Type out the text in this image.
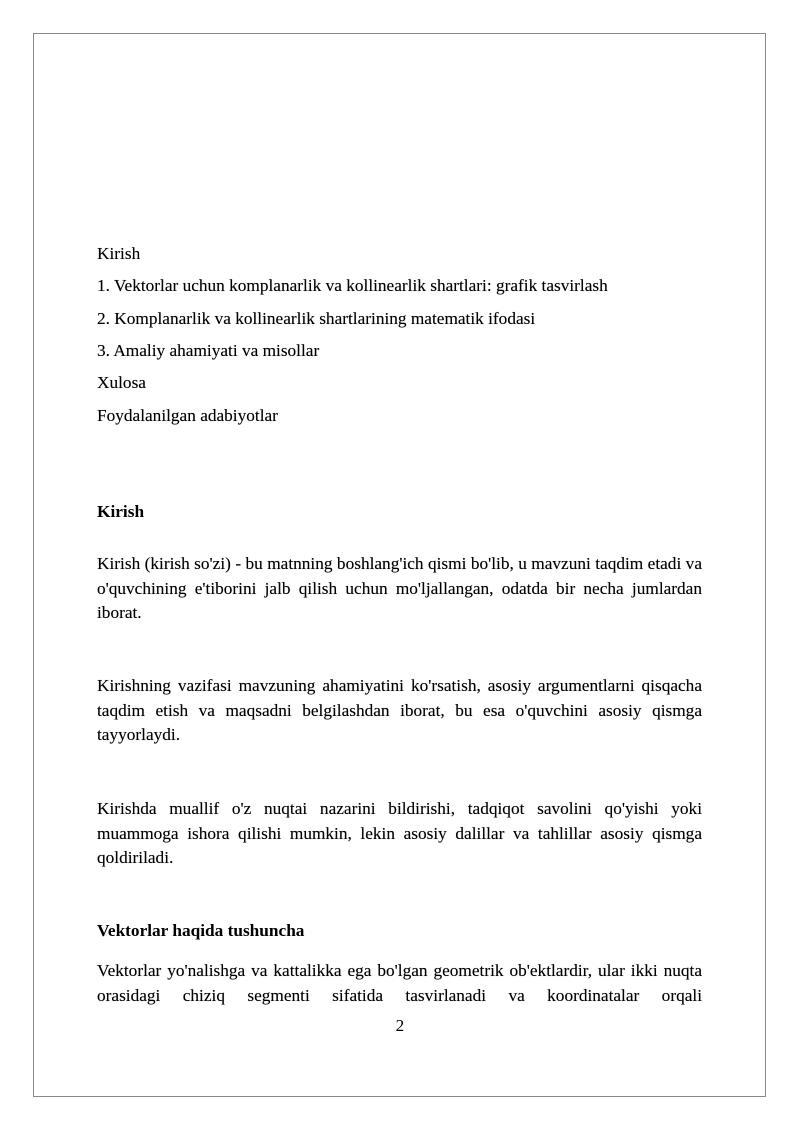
Kirish
1. Vektorlar uchun komplanarlik va kollinearlik shartlari: grafik tasvirlash
2. Komplanarlik va kollinearlik shartlarining matematik ifodasi
3. Amaliy ahamiyati va misollar
Xulosa
Foydalanilgan adabiyotlar
Kirish
Kirish (kirish so'zi) - bu matnning boshlang'ich qismi bo'lib, u mavzuni taqdim etadi va o'quvchining e'tiborini jalb qilish uchun mo'ljallangan, odatda bir necha jumlardan iborat.
Kirishning vazifasi mavzuning ahamiyatini ko'rsatish, asosiy argumentlarni qisqacha taqdim etish va maqsadni belgilashdan iborat, bu esa o'quvchini asosiy qismga tayyorlaydi.
Kirishda muallif o'z nuqtai nazarini bildirishi, tadqiqot savolini qo'yishi yoki muammoga ishora qilishi mumkin, lekin asosiy dalillar va tahlillar asosiy qismga qoldiriladi.
Vektorlar haqida tushuncha
Vektorlar yo'nalishga va kattalikka ega bo'lgan geometrik ob'ektlardir, ular ikki nuqta orasidagi chiziq segmenti sifatida tasvirlanadi va koordinatalar orqali
2
